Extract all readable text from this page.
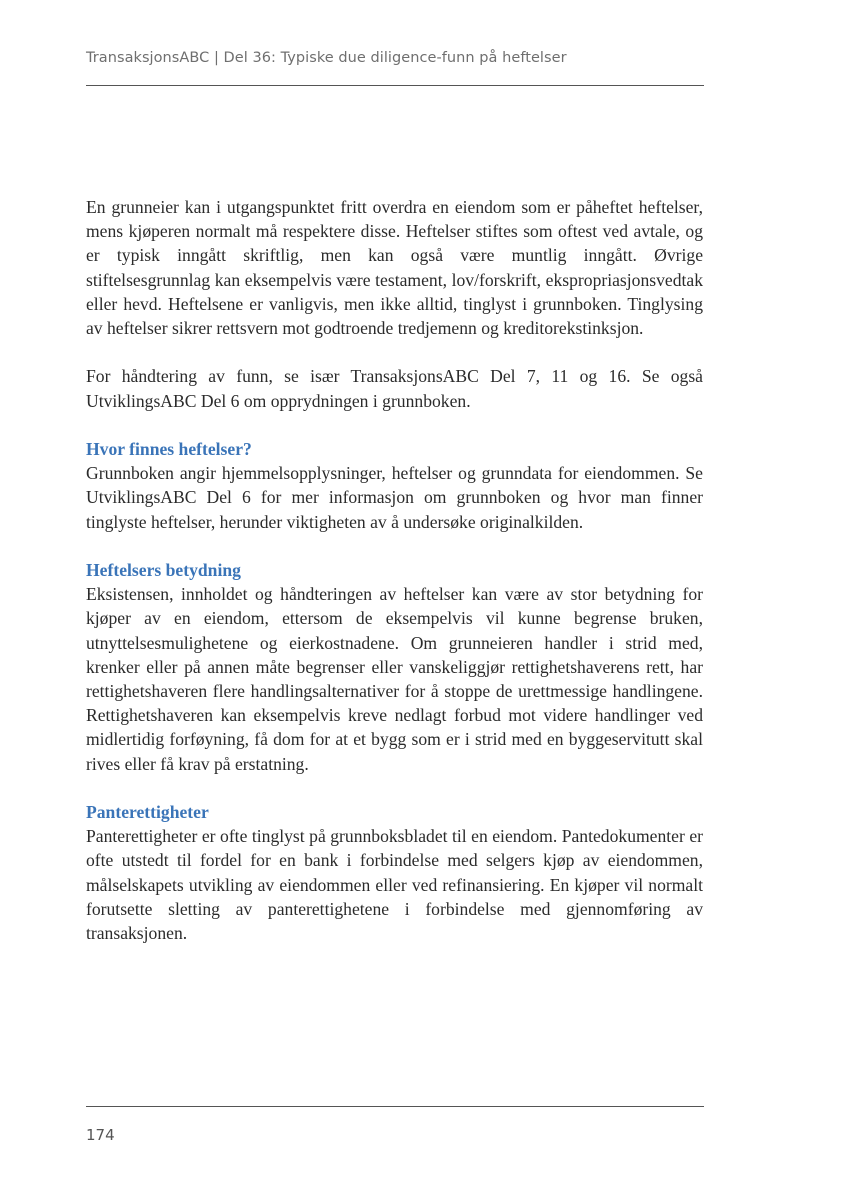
TransaksjonsABC | Del 36: Typiske due diligence-funn på heftelser

En grunneier kan i utgangspunktet fritt overdra en eiendom som er påheftet heftelser, mens kjøperen normalt må respektere disse. Heftelser stiftes som oftest ved avtale, og er typisk inngått skriftlig, men kan også være muntlig inngått. Øvrige stiftelsesgrunnlag kan eksempelvis være testament, lov/forskrift, ekspropriasjonsvedtak eller hevd. Heftelsene er vanligvis, men ikke alltid, tinglyst i grunnboken. Tinglysing av heftelser sikrer rettsvern mot godtroende tredjemenn og kreditorekstinksjon.

For håndtering av funn, se især TransaksjonsABC Del 7, 11 og 16. Se også UtviklingsABC Del 6 om opprydningen i grunnboken.

Hvor finnes heftelser?

Grunnboken angir hjemmelsopplysninger, heftelser og grunndata for eiendommen. Se UtviklingsABC Del 6 for mer informasjon om grunnboken og hvor man finner tinglyste heftelser, herunder viktigheten av å undersøke originalkilden.

Heftelsers betydning

Eksistensen, innholdet og håndteringen av heftelser kan være av stor betydning for kjøper av en eiendom, ettersom de eksempelvis vil kunne begrense bruken, utnyttelsesmulighetene og eierkostnadene. Om grunneieren handler i strid med, krenker eller på annen måte begrenser eller vanskeliggjør rettighetshaverens rett, har rettighetshaveren flere handlingsalternativer for å stoppe de urettmessige handlingene. Rettighetshaveren kan eksempelvis kreve nedlagt forbud mot videre handlinger ved midlertidig forføyning, få dom for at et bygg som er i strid med en byggeservitutt skal rives eller få krav på erstatning.

Panterettigheter

Panterettigheter er ofte tinglyst på grunnboksbladet til en eiendom. Pantedokumenter er ofte utstedt til fordel for en bank i forbindelse med selgers kjøp av eiendommen, målselskapets utvikling av eiendommen eller ved refinansiering. En kjøper vil normalt forutsette sletting av panterettighetene i forbindelse med gjennomføring av transaksjonen.

174
